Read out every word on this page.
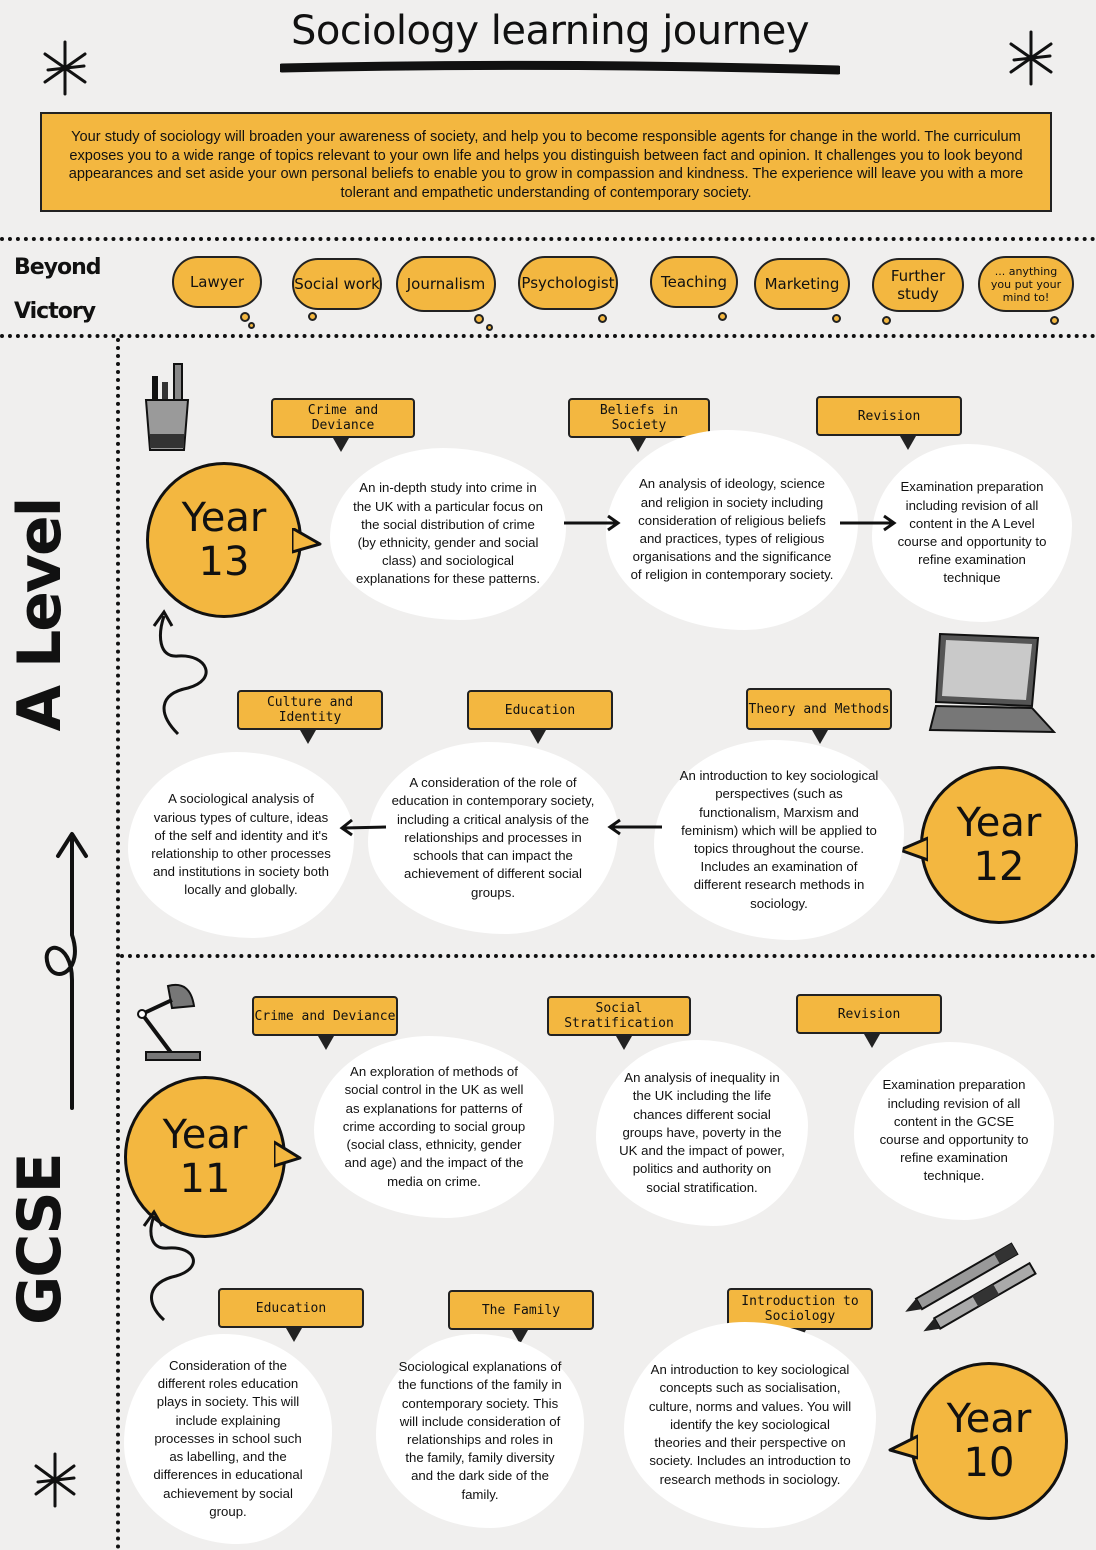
Sociology learning journey
Your study of sociology will broaden your awareness of society, and help you to become responsible agents for change in the world. The curriculum exposes you to a wide range of topics relevant to your own life and helps you distinguish between fact and opinion. It challenges you to look beyond appearances and set aside your own personal beliefs to enable you to grow in compassion and kindness. The experience will leave you with a more tolerant and empathetic understanding of contemporary society.
Beyond
Victory
Lawyer	Social work	Journalism	Psychologist	Teaching	Marketing	Further study
... anything you put your mind to!
A Level
GCSE
Year
13
Crime and Deviance
An in-depth study into crime in the UK with a particular focus on the social distribution of crime (by ethnicity, gender and social class) and sociological explanations for these patterns.
Beliefs in Society
An analysis of ideology, science and religion in society including consideration of religious beliefs and practices, types of religious organisations and the significance of religion in contemporary society.
Revision
Examination preparation including revision of all content in the A Level course and opportunity to refine examination technique
Year
12
Culture and Identity
A sociological analysis of various types of culture, ideas of the self and identity and it's relationship to other processes and institutions in society both locally and globally.
Education
A consideration of the role of education in contemporary society, including a critical analysis of the relationships and processes in schools that can impact the achievement of different social groups.
Theory and Methods
An introduction to key sociological perspectives (such as functionalism, Marxism and feminism) which will be applied to topics throughout the course. Includes an examination of different research methods in sociology.
Year
11
Crime and Deviance
An exploration of methods of social control in the UK as well as explanations for patterns of crime according to social group (social class, ethnicity, gender and age) and the impact of the media on crime.
Social Stratification
An analysis of inequality in the UK including the life chances different social groups have, poverty in the UK and the impact of power, politics and authority on social stratification.
Revision
Examination preparation including revision of all content in the GCSE course and opportunity to refine examination technique.
Year
10
Education
Consideration of the different roles education plays in society. This will include explaining processes in school such as labelling, and the differences in educational achievement by social group.
The Family
Sociological explanations of the functions of the family in contemporary society. This will include consideration of relationships and roles in the family, family diversity and the dark side of the family.
Introduction to Sociology
An introduction to key sociological concepts such as socialisation, culture, norms and values. You will identify the key sociological theories and their perspective on society. Includes an introduction to research methods in sociology.
